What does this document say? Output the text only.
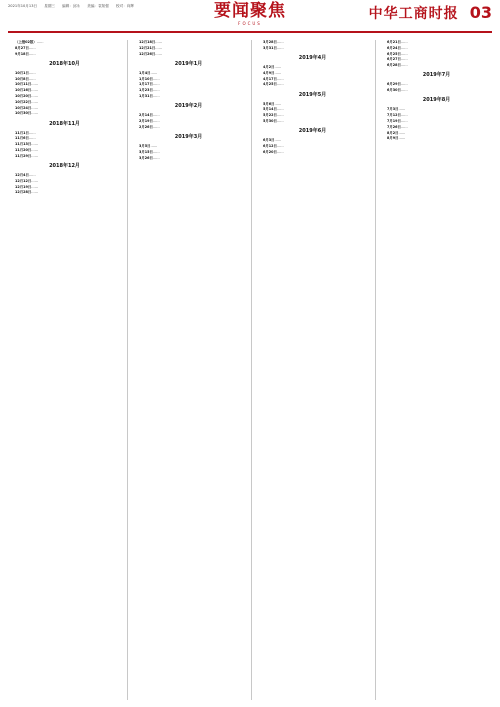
2021年10月13日 星期三 编辑：邱永 美编：袁知强 校对：向辉	要闻聚焦
FOCUS
中华工商时报 03

（上接02版）……

8月27日……

9月18日……

2018年10月

10月1日……

10月8日……

10月11日……

10月16日……

10月20日……

10月22日……

10月24日……

10月30日……

2018年11月

11月1日……

11月6日……

11月13日……

11月20日……

11月29日……

2018年12月

12月4日……

12月12日……

12月19日……

12月28日……

12月18日……

12月21日……

12月26日……

2019年1月

1月4日……

1月10日……

1月17日……

1月23日……

1月31日……

2019年2月

2月14日……

2月19日……

2月26日……

2019年3月

3月5日……

3月15日……

3月26日……

3月28日……

3月31日……

2019年4月

4月2日……

4月9日……

4月17日……

4月25日……

2019年5月

5月6日……

5月14日……

5月22日……

5月30日……

2019年6月

6月3日……

6月12日……

6月20日……

6月21日……

6月24日……

6月25日……

6月27日……

6月28日……

2019年7月

6月29日……

6月30日……

2019年8月

7月3日……

7月12日……

7月19日……

7月26日……

8月2日……

8月9日……
